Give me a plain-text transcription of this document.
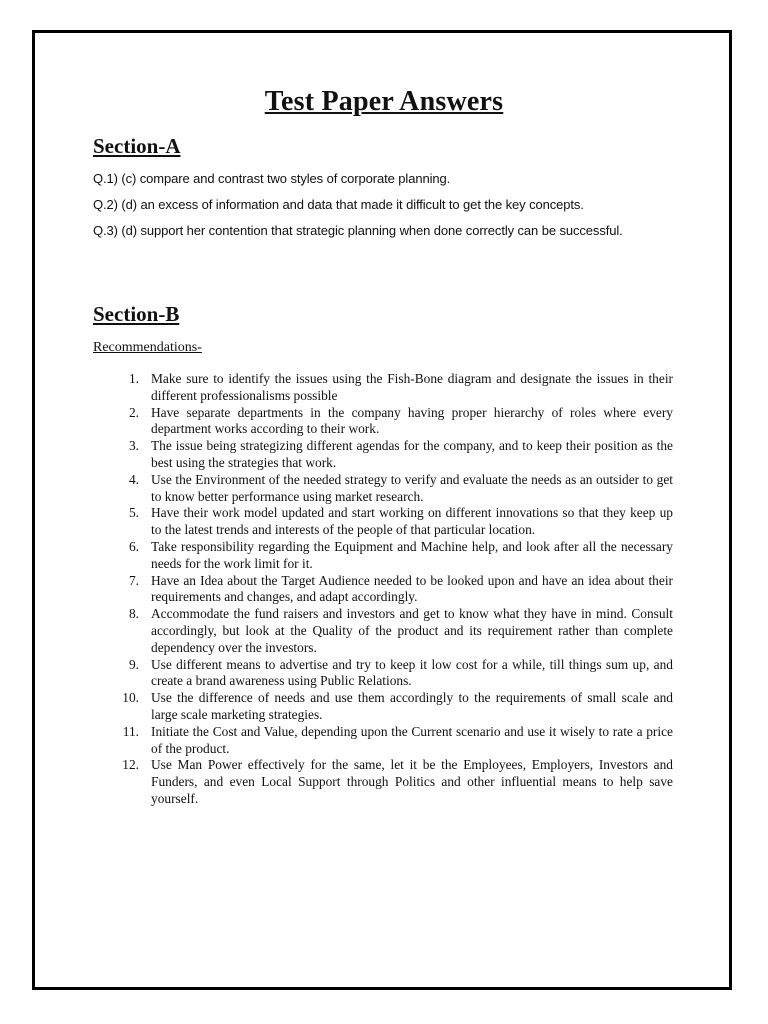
Test Paper Answers
Section-A
Q.1) (c) compare and contrast two styles of corporate planning.
Q.2) (d) an excess of information and data that made it difficult to get the key concepts.
Q.3) (d) support her contention that strategic planning when done correctly can be successful.
Section-B
Recommendations-
1. Make sure to identify the issues using the Fish-Bone diagram and designate the issues in their different professionalisms possible
2. Have separate departments in the company having proper hierarchy of roles where every department works according to their work.
3. The issue being strategizing different agendas for the company, and to keep their position as the best using the strategies that work.
4. Use the Environment of the needed strategy to verify and evaluate the needs as an outsider to get to know better performance using market research.
5. Have their work model updated and start working on different innovations so that they keep up to the latest trends and interests of the people of that particular location.
6. Take responsibility regarding the Equipment and Machine help, and look after all the necessary needs for the work limit for it.
7. Have an Idea about the Target Audience needed to be looked upon and have an idea about their requirements and changes, and adapt accordingly.
8. Accommodate the fund raisers and investors and get to know what they have in mind. Consult accordingly, but look at the Quality of the product and its requirement rather than complete dependency over the investors.
9. Use different means to advertise and try to keep it low cost for a while, till things sum up, and create a brand awareness using Public Relations.
10. Use the difference of needs and use them accordingly to the requirements of small scale and large scale marketing strategies.
11. Initiate the Cost and Value, depending upon the Current scenario and use it wisely to rate a price of the product.
12. Use Man Power effectively for the same, let it be the Employees, Employers, Investors and Funders, and even Local Support through Politics and other influential means to help save yourself.
